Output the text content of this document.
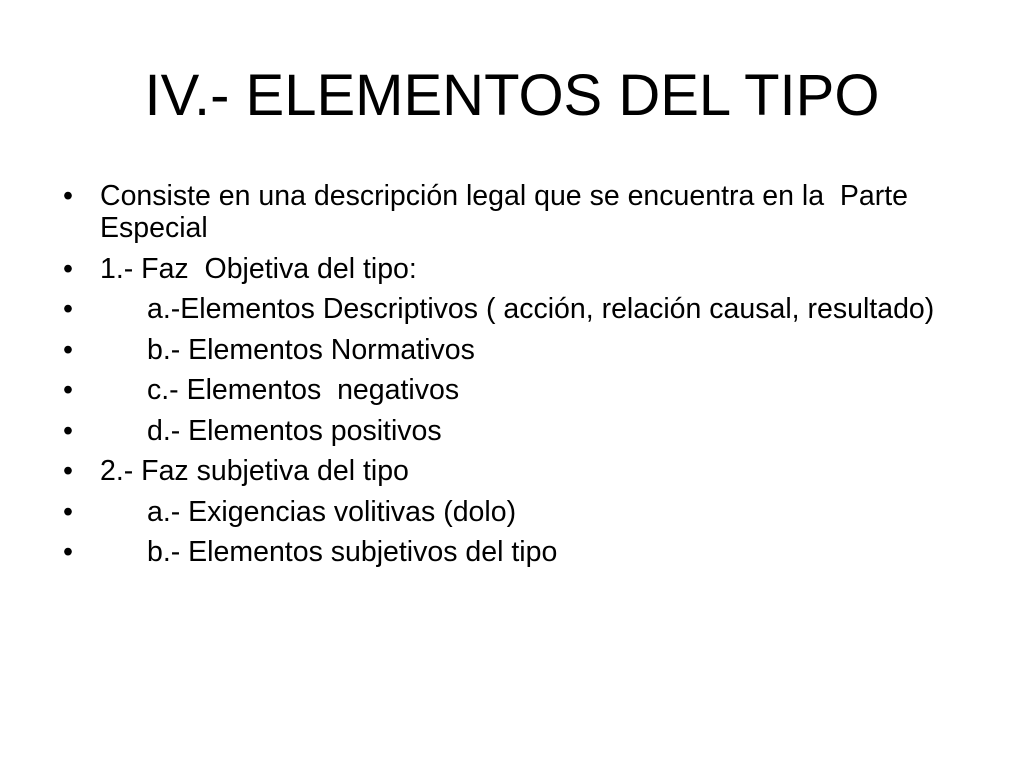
IV.- ELEMENTOS DEL TIPO
• Consiste en una descripción legal que se encuentra en la  Parte Especial
• 1.- Faz  Objetiva del tipo:
•	a.-Elementos Descriptivos ( acción, relación causal, resultado)
•	b.- Elementos Normativos
•	c.- Elementos  negativos
•	d.- Elementos positivos
• 2.- Faz subjetiva del tipo
•	a.- Exigencias volitivas (dolo)
•	b.- Elementos subjetivos del tipo
